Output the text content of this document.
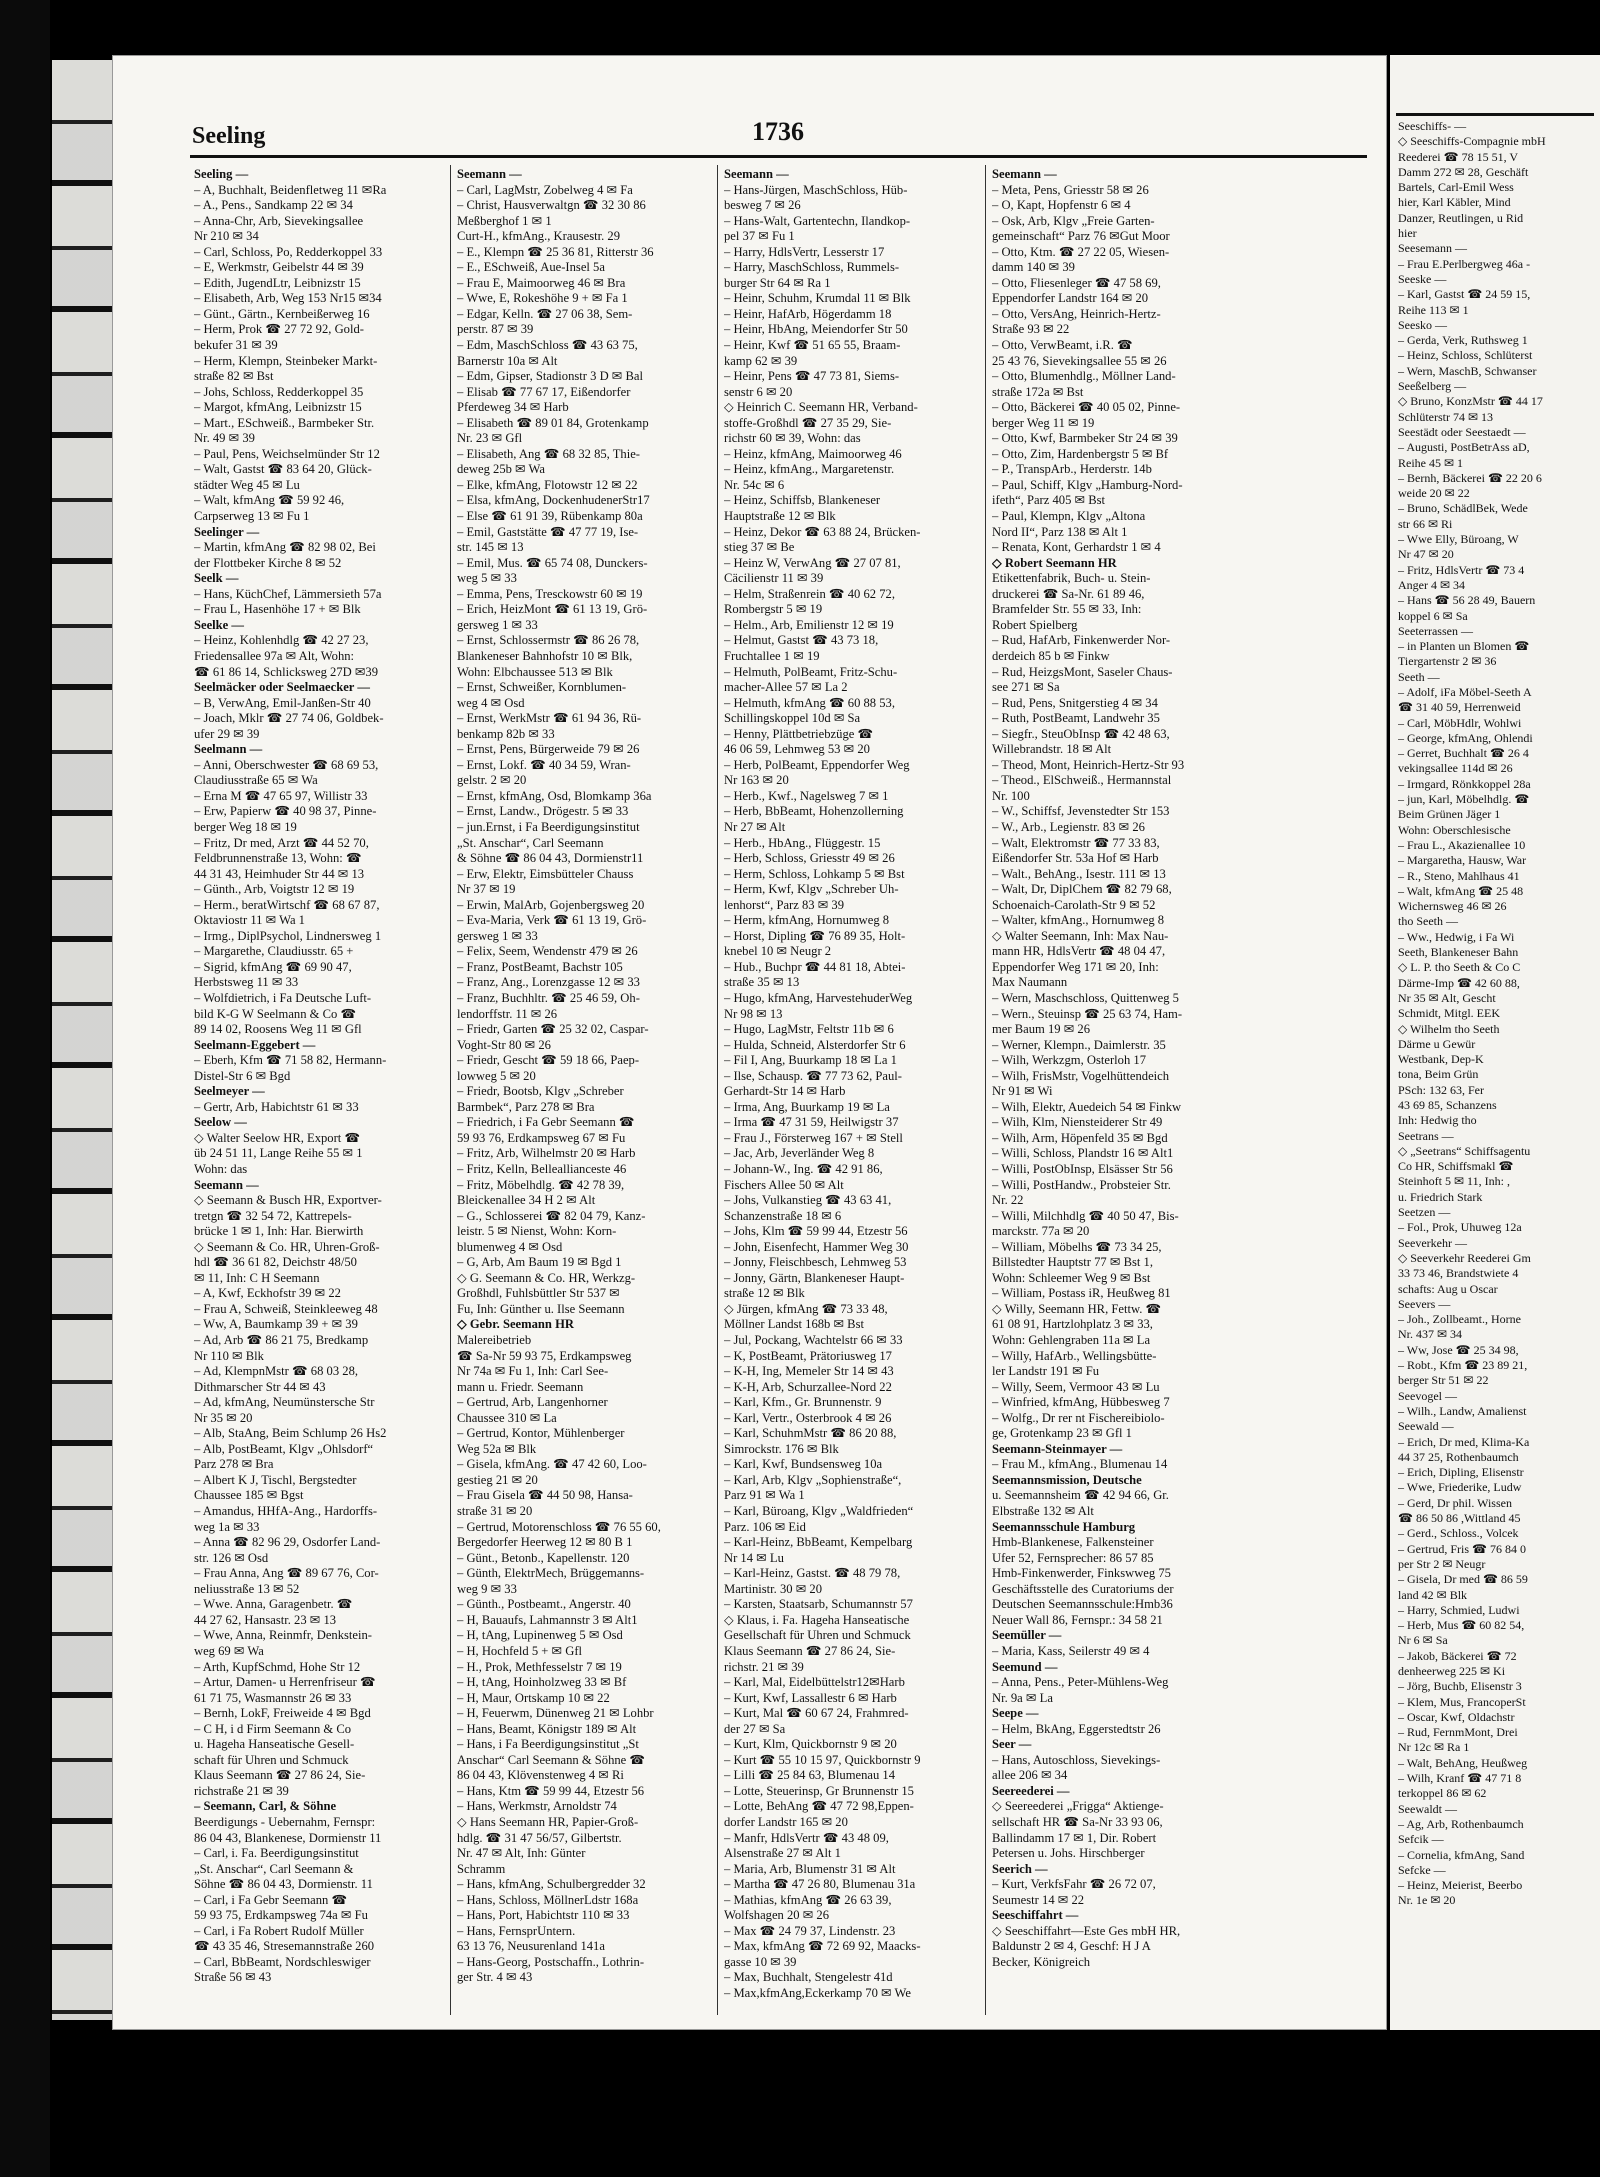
Seeling	1736
Seeling —
– A, Buchhalt, Beidenfletweg 11 ✉Ra
– A., Pens., Sandkamp 22 ✉ 34
– Anna-Chr, Arb, Sievekingsallee
Nr 210 ✉ 34
– Carl, Schloss, Po, Redderkoppel 33
– E, Werkmstr, Geibelstr 44 ✉ 39
– Edith, JugendLtr, Leibnizstr 15
– Elisabeth, Arb, Weg 153 Nr15 ✉34
– Günt., Gärtn., Kernbeißerweg 16
– Herm, Prok ☎ 27 72 92, Gold-
bekufer 31 ✉ 39
– Herm, Klempn, Steinbeker Markt-
straße 82 ✉ Bst
– Johs, Schloss, Redderkoppel 35
– Margot, kfmAng, Leibnizstr 15
– Mart., ESchweiß., Barmbeker Str.
Nr. 49 ✉ 39
– Paul, Pens, Weichselmünder Str 12
– Walt, Gastst ☎ 83 64 20, Glück-
städter Weg 45 ✉ Lu
– Walt, kfmAng ☎ 59 92 46,
Carpserweg 13 ✉ Fu 1
Seelinger —
– Martin, kfmAng ☎ 82 98 02, Bei
der Flottbeker Kirche 8 ✉ 52
Seelk —
– Hans, KüchChef, Lämmersieth 57a
– Frau L, Hasenhöhe 17 + ✉ Blk
Seelke —
– Heinz, Kohlenhdlg ☎ 42 27 23,
Friedensallee 97a ✉ Alt, Wohn:
☎ 61 86 14, Schlicksweg 27D ✉39
Seelmäcker oder Seelmaecker —
– B, VerwAng, Emil-Janßen-Str 40
– Joach, Mklr ☎ 27 74 06, Goldbek-
ufer 29 ✉ 39
Seelmann —
– Anni, Oberschwester ☎ 68 69 53,
Claudiusstraße 65 ✉ Wa
– Erna M ☎ 47 65 97, Willistr 33
– Erw, Papierw ☎ 40 98 37, Pinne-
berger Weg 18 ✉ 19
– Fritz, Dr med, Arzt ☎ 44 52 70,
Feldbrunnenstraße 13, Wohn: ☎
44 31 43, Heimhuder Str 44 ✉ 13
– Günth., Arb, Voigtstr 12 ✉ 19
– Herm., beratWirtschf ☎ 68 67 87,
Oktaviostr 11 ✉ Wa 1
– Irmg., DiplPsychol, Lindnersweg 1
– Margarethe, Claudiusstr. 65 +
– Sigrid, kfmAng ☎ 69 90 47,
Herbstsweg 11 ✉ 33
– Wolfdietrich, i Fa Deutsche Luft-
bild K-G W Seelmann & Co ☎
89 14 02, Roosens Weg 11 ✉ Gfl
Seelmann-Eggebert —
– Eberh, Kfm ☎ 71 58 82, Hermann-
Distel-Str 6 ✉ Bgd
Seelmeyer —
– Gertr, Arb, Habichtstr 61 ✉ 33
Seelow —
◇ Walter Seelow HR, Export ☎
üb 24 51 11, Lange Reihe 55 ✉ 1
Wohn: das
Seemann —
◇ Seemann & Busch HR, Exportver-
tretgn ☎ 32 54 72, Kattrepels-
brücke 1 ✉ 1, Inh: Har. Bierwirth
◇ Seemann & Co. HR, Uhren-Groß-
hdl ☎ 36 61 82, Deichstr 48/50
✉ 11, Inh: C H Seemann
– A, Kwf, Eckhofstr 39 ✉ 22
– Frau A, Schweiß, Steinkleeweg 48
– Ww, A, Baumkamp 39 + ✉ 39
– Ad, Arb ☎ 86 21 75, Bredkamp
Nr 110 ✉ Blk
– Ad, KlempnMstr ☎ 68 03 28,
Dithmarscher Str 44 ✉ 43
– Ad, kfmAng, Neumünstersche Str
Nr 35 ✉ 20
– Alb, StaAng, Beim Schlump 26 Hs2
– Alb, PostBeamt, Klgv „Ohlsdorf“
Parz 278 ✉ Bra
– Albert K J, Tischl, Bergstedter
Chaussee 185 ✉ Bgst
– Amandus, HHfA-Ang., Hardorffs-
weg 1a ✉ 33
– Anna ☎ 82 96 29, Osdorfer Land-
str. 126 ✉ Osd
– Frau Anna, Ang ☎ 89 67 76, Cor-
neliusstraße 13 ✉ 52
– Wwe. Anna, Garagenbetr. ☎
44 27 62, Hansastr. 23 ✉ 13
– Wwe, Anna, Reinmfr, Denkstein-
weg 69 ✉ Wa
– Arth, KupfSchmd, Hohe Str 12
– Artur, Damen- u Herrenfriseur ☎
61 71 75, Wasmannstr 26 ✉ 33
– Bernh, LokF, Freiweide 4 ✉ Bgd
– C H, i d Firm Seemann & Co
u. Hageha Hanseatische Gesell-
schaft für Uhren und Schmuck
Klaus Seemann ☎ 27 86 24, Sie-
richstraße 21 ✉ 39
– Seemann, Carl, & Söhne
Beerdigungs - Uebernahm, Fernspr:
86 04 43, Blankenese, Dormienstr 11
– Carl, i. Fa. Beerdigungsinstitut
„St. Anschar“, Carl Seemann &
Söhne ☎ 86 04 43, Dormienstr. 11
– Carl, i Fa Gebr Seemann ☎
59 93 75, Erdkampsweg 74a ✉ Fu
– Carl, i Fa Robert Rudolf Müller
☎ 43 35 46, Stresemannstraße 260
– Carl, BbBeamt, Nordschleswiger
Straße 56 ✉ 43
Seemann —
– Carl, LagMstr, Zobelweg 4 ✉ Fa
– Christ, Hausverwaltgn ☎ 32 30 86
Meßberghof 1 ✉ 1
Curt-H., kfmAng., Krausestr. 29
– E., Klempn ☎ 25 36 81, Ritterstr 36
– E., ESchweiß, Aue-Insel 5a
– Frau E, Maimoorweg 46 ✉ Bra
– Wwe, E, Rokeshöhe 9 + ✉ Fa 1
– Edgar, Kelln. ☎ 27 06 38, Sem-
perstr. 87 ✉ 39
– Edm, MaschSchloss ☎ 43 63 75,
Barnerstr 10a ✉ Alt
– Edm, Gipser, Stadionstr 3 D ✉ Bal
– Elisab ☎ 77 67 17, Eißendorfer
Pferdeweg 34 ✉ Harb
– Elisabeth ☎ 89 01 84, Grotenkamp
Nr. 23 ✉ Gfl
– Elisabeth, Ang ☎ 68 32 85, Thie-
deweg 25b ✉ Wa
– Elke, kfmAng, Flotowstr 12 ✉ 22
– Elsa, kfmAng, DockenhudenerStr17
– Else ☎ 61 91 39, Rübenkamp 80a
– Emil, Gaststätte ☎ 47 77 19, Ise-
str. 145 ✉ 13
– Emil, Mus. ☎ 65 74 08, Dunckers-
weg 5 ✉ 33
– Emma, Pens, Tresckowstr 60 ✉ 19
– Erich, HeizMont ☎ 61 13 19, Grö-
gersweg 1 ✉ 33
– Ernst, Schlossermstr ☎ 86 26 78,
Blankeneser Bahnhofstr 10 ✉ Blk,
Wohn: Elbchaussee 513 ✉ Blk
– Ernst, Schweißer, Kornblumen-
weg 4 ✉ Osd
– Ernst, WerkMstr ☎ 61 94 36, Rü-
benkamp 82b ✉ 33
– Ernst, Pens, Bürgerweide 79 ✉ 26
– Ernst, Lokf. ☎ 40 34 59, Wran-
gelstr. 2 ✉ 20
– Ernst, kfmAng, Osd, Blomkamp 36a
– Ernst, Landw., Drögestr. 5 ✉ 33
– jun.Ernst, i Fa Beerdigungsinstitut
„St. Anschar“, Carl Seemann
& Söhne ☎ 86 04 43, Dormienstr11
– Erw, Elektr, Eimsbütteler Chauss
Nr 37 ✉ 19
– Erwin, MalArb, Gojenbergsweg 20
– Eva-Maria, Verk ☎ 61 13 19, Grö-
gersweg 1 ✉ 33
– Felix, Seem, Wendenstr 479 ✉ 26
– Franz, PostBeamt, Bachstr 105
– Franz, Ang., Lorenzgasse 12 ✉ 33
– Franz, Buchhltr. ☎ 25 46 59, Oh-
lendorffstr. 11 ✉ 26
– Friedr, Garten ☎ 25 32 02, Caspar-
Voght-Str 80 ✉ 26
– Friedr, Gescht ☎ 59 18 66, Paep-
lowweg 5 ✉ 20
– Friedr, Bootsb, Klgv „Schreber
Barmbek“, Parz 278 ✉ Bra
– Friedrich, i Fa Gebr Seemann ☎
59 93 76, Erdkampsweg 67 ✉ Fu
– Fritz, Arb, Wilhelmstr 20 ✉ Harb
– Fritz, Kelln, Belleallianceste 46
– Fritz, Möbelhdlg. ☎ 42 78 39,
Bleickenallee 34 H 2 ✉ Alt
– G., Schlosserei ☎ 82 04 79, Kanz-
leistr. 5 ✉ Nienst, Wohn: Korn-
blumenweg 4 ✉ Osd
– G, Arb, Am Baum 19 ✉ Bgd 1
◇ G. Seemann & Co. HR, Werkzg-
Großhdl, Fuhlsbüttler Str 537 ✉
Fu, Inh: Günther u. Ilse Seemann
◇ Gebr. Seemann HR
Malereibetrieb
☎ Sa-Nr 59 93 75, Erdkampsweg
Nr 74a ✉ Fu 1, Inh: Carl See-
mann u. Friedr. Seemann
– Gertrud, Arb, Langenhorner
Chaussee 310 ✉ La
– Gertrud, Kontor, Mühlenberger
Weg 52a ✉ Blk
– Gisela, kfmAng. ☎ 47 42 60, Loo-
gestieg 21 ✉ 20
– Frau Gisela ☎ 44 50 98, Hansa-
straße 31 ✉ 20
– Gertrud, Motorenschloss ☎ 76 55 60,
Bergedorfer Heerweg 12 ✉ 80 B 1
– Günt., Betonb., Kapellenstr. 120
– Günth, ElektrMech, Brüggemanns-
weg 9 ✉ 33
– Günth., Postbeamt., Angerstr. 40
– H, Bauaufs, Lahmannstr 3 ✉ Alt1
– H, tAng, Lupinenweg 5 ✉ Osd
– H, Hochfeld 5 + ✉ Gfl
– H., Prok, Methfesselstr 7 ✉ 19
– H, tAng, Hoinholzweg 33 ✉ Bf
– H, Maur, Ortskamp 10 ✉ 22
– H, Feuerwm, Dünenweg 21 ✉ Lohbr
– Hans, Beamt, Königstr 189 ✉ Alt
– Hans, i Fa Beerdigungsinstitut „St
Anschar“ Carl Seemann & Söhne ☎
86 04 43, Klövenstenweg 4 ✉ Ri
– Hans, Ktm ☎ 59 99 44, Etzestr 56
– Hans, Werkmstr, Arnoldstr 74
◇ Hans Seemann HR, Papier-Groß-
hdlg. ☎ 31 47 56/57, Gilbertstr.
Nr. 47 ✉ Alt, Inh: Günter
Schramm
– Hans, kfmAng, Schulbergredder 32
– Hans, Schloss, MöllnerLdstr 168a
– Hans, Port, Habichtstr 110 ✉ 33
– Hans, FernsprUntern.
63 13 76, Neusurenland 141a
– Hans-Georg, Postschaffn., Lothrin-
ger Str. 4 ✉ 43
Seemann —
– Hans-Jürgen, MaschSchloss, Hüb-
besweg 7 ✉ 26
– Hans-Walt, Gartentechn, Ilandkop-
pel 37 ✉ Fu 1
– Harry, HdlsVertr, Lesserstr 17
– Harry, MaschSchloss, Rummels-
burger Str 64 ✉ Ra 1
– Heinr, Schuhm, Krumdal 11 ✉ Blk
– Heinr, HafArb, Högerdamm 18
– Heinr, HbAng, Meiendorfer Str 50
– Heinr, Kwf ☎ 51 65 55, Braam-
kamp 62 ✉ 39
– Heinr, Pens ☎ 47 73 81, Siems-
senstr 6 ✉ 20
◇ Heinrich C. Seemann HR, Verband-
stoffe-Großhdl ☎ 27 35 29, Sie-
richstr 60 ✉ 39, Wohn: das
– Heinz, kfmAng, Maimoorweg 46
– Heinz, kfmAng., Margaretenstr.
Nr. 54c ✉ 6
– Heinz, Schiffsb, Blankeneser
Hauptstraße 12 ✉ Blk
– Heinz, Dekor ☎ 63 88 24, Brücken-
stieg 37 ✉ Be
– Heinz W, VerwAng ☎ 27 07 81,
Cäcilienstr 11 ✉ 39
– Helm, Straßenrein ☎ 40 62 72,
Rombergstr 5 ✉ 19
– Helm., Arb, Emilienstr 12 ✉ 19
– Helmut, Gastst ☎ 43 73 18,
Fruchtallee 1 ✉ 19
– Helmuth, PolBeamt, Fritz-Schu-
macher-Allee 57 ✉ La 2
– Helmuth, kfmAng ☎ 60 88 53,
Schillingskoppel 10d ✉ Sa
– Henny, Plättbetriebzüge ☎
46 06 59, Lehmweg 53 ✉ 20
– Herb, PolBeamt, Eppendorfer Weg
Nr 163 ✉ 20
– Herb., Kwf., Nagelsweg 7 ✉ 1
– Herb, BbBeamt, Hohenzollerning
Nr 27 ✉ Alt
– Herb., HbAng., Flüggestr. 15
– Herb, Schloss, Griesstr 49 ✉ 26
– Herm, Schloss, Lohkamp 5 ✉ Bst
– Herm, Kwf, Klgv „Schreber Uh-
lenhorst“, Parz 83 ✉ 39
– Herm, kfmAng, Hornumweg 8
– Horst, Dipling ☎ 76 89 35, Holt-
knebel 10 ✉ Neugr 2
– Hub., Buchpr ☎ 44 81 18, Abtei-
straße 35 ✉ 13
– Hugo, kfmAng, HarvestehuderWeg
Nr 98 ✉ 13
– Hugo, LagMstr, Feltstr 11b ✉ 6
– Hulda, Schneid, Alsterdorfer Str 6
– Fil I, Ang, Buurkamp 18 ✉ La 1
– Ilse, Schausp. ☎ 77 73 62, Paul-
Gerhardt-Str 14 ✉ Harb
– Irma, Ang, Buurkamp 19 ✉ La
– Irma ☎ 47 31 59, Heilwigstr 37
– Frau J., Försterweg 167 + ✉ Stell
– Jac, Arb, Jeverländer Weg 8
– Johann-W., Ing. ☎ 42 91 86,
Fischers Allee 50 ✉ Alt
– Johs, Vulkanstieg ☎ 43 63 41,
Schanzenstraße 18 ✉ 6
– Johs, Klm ☎ 59 99 44, Etzestr 56
– John, Eisenfecht, Hammer Weg 30
– Jonny, Fleischbesch, Lehmweg 53
– Jonny, Gärtn, Blankeneser Haupt-
straße 12 ✉ Blk
◇ Jürgen, kfmAng ☎ 73 33 48,
Möllner Landst 168b ✉ Bst
– Jul, Pockang, Wachtelstr 66 ✉ 33
– K, PostBeamt, Prätoriusweg 17
– K-H, Ing, Memeler Str 14 ✉ 43
– K-H, Arb, Schurzallee-Nord 22
– Karl, Kfm., Gr. Brunnenstr. 9
– Karl, Vertr., Osterbrook 4 ✉ 26
– Karl, SchuhmMstr ☎ 86 20 88,
Simrockstr. 176 ✉ Blk
– Karl, Kwf, Bundsensweg 10a
– Karl, Arb, Klgv „Sophienstraße“,
Parz 91 ✉ Wa 1
– Karl, Büroang, Klgv „Waldfrieden“
Parz. 106 ✉ Eid
– Karl-Heinz, BbBeamt, Kempelbarg
Nr 14 ✉ Lu
– Karl-Heinz, Gastst. ☎ 48 79 78,
Martinistr. 30 ✉ 20
– Karsten, Staatsarb, Schumannstr 57
◇ Klaus, i. Fa. Hageha Hanseatische
Gesellschaft für Uhren und Schmuck
Klaus Seemann ☎ 27 86 24, Sie-
richstr. 21 ✉ 39
– Karl, Mal, Eidelbüttelstr12✉Harb
– Kurt, Kwf, Lassallestr 6 ✉ Harb
– Kurt, Mal ☎ 60 67 24, Frahmred-
der 27 ✉ Sa
– Kurt, Klm, Quickbornstr 9 ✉ 20
– Kurt ☎ 55 10 15 97, Quickbornstr 9
– Lilli ☎ 25 84 63, Blumenau 14
– Lotte, Steuerinsp, Gr Brunnenstr 15
– Lotte, BehAng ☎ 47 72 98,Eppen-
dorfer Landstr 165 ✉ 20
– Manfr, HdlsVertr ☎ 43 48 09,
Alsenstraße 27 ✉ Alt 1
– Maria, Arb, Blumenstr 31 ✉ Alt
– Martha ☎ 47 26 80, Blumenau 31a
– Mathias, kfmAng ☎ 26 63 39,
Wolfshagen 20 ✉ 26
– Max ☎ 24 79 37, Lindenstr. 23
– Max, kfmAng ☎ 72 69 92, Maacks-
gasse 10 ✉ 39
– Max, Buchhalt, Stengelestr 41d
– Max,kfmAng,Eckerkamp 70 ✉ We
Seemann —
– Meta, Pens, Griesstr 58 ✉ 26
– O, Kapt, Hopfenstr 6 ✉ 4
– Osk, Arb, Klgv „Freie Garten-
gemeinschaft“ Parz 76 ✉Gut Moor
– Otto, Ktm. ☎ 27 22 05, Wiesen-
damm 140 ✉ 39
– Otto, Fliesenleger ☎ 47 58 69,
Eppendorfer Landstr 164 ✉ 20
– Otto, VersAng, Heinrich-Hertz-
Straße 93 ✉ 22
– Otto, VerwBeamt, i.R. ☎
25 43 76, Sievekingsallee 55 ✉ 26
– Otto, Blumenhdlg., Möllner Land-
straße 172a ✉ Bst
– Otto, Bäckerei ☎ 40 05 02, Pinne-
berger Weg 11 ✉ 19
– Otto, Kwf, Barmbeker Str 24 ✉ 39
– Otto, Zim, Hardenbergstr 5 ✉ Bf
– P., TranspArb., Herderstr. 14b
– Paul, Schiff, Klgv „Hamburg-Nord-
ifeth“, Parz 405 ✉ Bst
– Paul, Klempn, Klgv „Altona
Nord II“, Parz 138 ✉ Alt 1
– Renata, Kont, Gerhardstr 1 ✉ 4
◇ Robert Seemann HR
Etikettenfabrik, Buch- u. Stein-
druckerei ☎ Sa-Nr. 61 89 46,
Bramfelder Str. 55 ✉ 33, Inh:
Robert Spielberg
– Rud, HafArb, Finkenwerder Nor-
derdeich 85 b ✉ Finkw
– Rud, HeizgsMont, Saseler Chaus-
see 271 ✉ Sa
– Rud, Pens, Snitgerstieg 4 ✉ 34
– Ruth, PostBeamt, Landwehr 35
– Siegfr., SteuObInsp ☎ 42 48 63,
Willebrandstr. 18 ✉ Alt
– Theod, Mont, Heinrich-Hertz-Str 93
– Theod., ElSchweiß., Hermannstal
Nr. 100
– W., Schiffsf, Jevenstedter Str 153
– W., Arb., Legienstr. 83 ✉ 26
– Walt, Elektromstr ☎ 77 33 83,
Eißendorfer Str. 53a Hof ✉ Harb
– Walt., BehAng., Isestr. 111 ✉ 13
– Walt, Dr, DiplChem ☎ 82 79 68,
Schoenaich-Carolath-Str 9 ✉ 52
– Walter, kfmAng., Hornumweg 8
◇ Walter Seemann, Inh: Max Nau-
mann HR, HdlsVertr ☎ 48 04 47,
Eppendorfer Weg 171 ✉ 20, Inh:
Max Naumann
– Wern, Maschschloss, Quittenweg 5
– Wern., Steuinsp ☎ 25 63 74, Ham-
mer Baum 19 ✉ 26
– Werner, Klempn., Daimlerstr. 35
– Wilh, Werkzgm, Osterloh 17
– Wilh, FrisMstr, Vogelhüttendeich
Nr 91 ✉ Wi
– Wilh, Elektr, Auedeich 54 ✉ Finkw
– Wilh, Klm, Niensteiderer Str 49
– Wilh, Arm, Höpenfeld 35 ✉ Bgd
– Willi, Schloss, Plandstr 16 ✉ Alt1
– Willi, PostObInsp, Elsässer Str 56
– Willi, PostHandw., Probsteier Str.
Nr. 22
– Willi, Milchhdlg ☎ 40 50 47, Bis-
marckstr. 77a ✉ 20
– William, Möbelhs ☎ 73 34 25,
Billstedter Hauptstr 77 ✉ Bst 1,
Wohn: Schleemer Weg 9 ✉ Bst
– William, Postass iR, Heußweg 81
◇ Willy, Seemann HR, Fettw. ☎
61 08 91, Hartzlohplatz 3 ✉ 33,
Wohn: Gehlengraben 11a ✉ La
– Willy, HafArb., Wellingsbütte-
ler Landstr 191 ✉ Fu
– Willy, Seem, Vermoor 43 ✉ Lu
– Winfried, kfmAng, Hübbesweg 7
– Wolfg., Dr rer nt Fischereibiolo-
ge, Grotenkamp 23 ✉ Gfl 1
Seemann-Steinmayer —
– Frau M., kfmAng., Blumenau 14
Seemannsmission, Deutsche
u. Seemannsheim ☎ 42 94 66, Gr.
Elbstraße 132 ✉ Alt
Seemannsschule Hamburg
Hmb-Blankenese, Falkensteiner
Ufer 52, Fernsprecher: 86 57 85
Hmb-Finkenwerder, Finkswweg 75
Geschäftsstelle des Curatoriums der
Deutschen Seemannsschule:Hmb36
Neuer Wall 86, Fernspr.: 34 58 21
Seemüller —
– Maria, Kass, Seilerstr 49 ✉ 4
Seemund —
– Anna, Pens., Peter-Mühlens-Weg
Nr. 9a ✉ La
Seepe —
– Helm, BkAng, Eggerstedtstr 26
Seer —
– Hans, Autoschloss, Sievekings-
allee 206 ✉ 34
Seereederei —
◇ Seereederei „Frigga“ Aktienge-
sellschaft HR ☎ Sa-Nr 33 93 06,
Ballindamm 17 ✉ 1, Dir. Robert
Petersen u. Johs. Hirschberger
Seerich —
– Kurt, VerkfsFahr ☎ 26 72 07,
Seumestr 14 ✉ 22
Seeschiffahrt —
◇ Seeschiffahrt—Este Ges mbH HR,
Baldunstr 2 ✉ 4, Geschf: H J A
Becker, Königreich
Seeschiffs- —
◇ Seeschiffs-Compagnie mbH
Reederei ☎ 78 15 51, V
Damm 272 ✉ 28, Geschäft
Bartels, Carl-Emil Wess
hier, Karl Käbler, Mind
Danzer, Reutlingen, u Rid
hier
Seesemann —
– Frau E.Perlbergweg 46a -
Seeske —
– Karl, Gastst ☎ 24 59 15,
Reihe 113 ✉ 1
Seesko —
– Gerda, Verk, Ruthsweg 1
– Heinz, Schloss, Schlüterst
– Wern, MaschB, Schwanser
Seeßelberg —
◇ Bruno, KonzMstr ☎ 44 17
Schlüterstr 74 ✉ 13
Seestädt oder Seestaedt —
– Augusti, PostBetrAss aD,
Reihe 45 ✉ 1
– Bernh, Bäckerei ☎ 22 20 6
weide 20 ✉ 22
– Bruno, SchädlBek, Wede
str 66 ✉ Ri
– Wwe Elly, Büroang, W
Nr 47 ✉ 20
– Fritz, HdlsVertr ☎ 73 4
Anger 4 ✉ 34
– Hans ☎ 56 28 49, Bauern
koppel 6 ✉ Sa
Seeterrassen —
– in Planten un Blomen ☎
Tiergartenstr 2 ✉ 36
Seeth —
– Adolf, iFa Möbel-Seeth A
☎ 31 40 59, Herrenweid
– Carl, MöbHdlr, Wohlwi
– George, kfmAng, Ohlendi
– Gerret, Buchhalt ☎ 26 4
vekingsallee 114d ✉ 26
– Irmgard, Rönkkoppel 28a
– jun, Karl, Möbelhdlg. ☎
Beim Grünen Jäger 1
Wohn: Oberschlesische
– Frau L., Akazienallee 10
– Margaretha, Hausw, War
– R., Steno, Mahlhaus 41
– Walt, kfmAng ☎ 25 48
Wichernsweg 46 ✉ 26
tho Seeth —
– Ww., Hedwig, i Fa Wi
Seeth, Blankeneser Bahn
◇ L. P. tho Seeth & Co C
Därme-Imp ☎ 42 60 88,
Nr 35 ✉ Alt, Gescht
Schmidt, Mitgl. EEK
◇ Wilhelm tho Seeth
Därme u Gewür
Westbank, Dep-K
tona, Beim Grün
PSch: 132 63, Fer
43 69 85, Schanzens
Inh: Hedwig tho
Seetrans —
◇ „Seetrans“ Schiffsagentu
Co HR, Schiffsmakl ☎
Steinhoft 5 ✉ 11, Inh: ,
u. Friedrich Stark
Seetzen —
– Fol., Prok, Uhuweg 12a
Seeverkehr —
◇ Seeverkehr Reederei Gm
33 73 46, Brandstwiete 4
schafts: Aug u Oscar
Seevers —
– Joh., Zollbeamt., Horne
Nr. 437 ✉ 34
– Ww, Jose ☎ 25 34 98,
– Robt., Kfm ☎ 23 89 21,
berger Str 51 ✉ 22
Seevogel —
– Wilh., Landw, Amalienst
Seewald —
– Erich, Dr med, Klima-Ka
44 37 25, Rothenbaumch
– Erich, Dipling, Elisenstr
– Wwe, Friederike, Ludw
– Gerd, Dr phil. Wissen
☎ 86 50 86 ,Wittland 45
– Gerd., Schloss., Volcek
– Gertrud, Fris ☎ 76 84 0
per Str 2 ✉ Neugr
– Gisela, Dr med ☎ 86 59
land 42 ✉ Blk
– Harry, Schmied, Ludwi
– Herb, Mus ☎ 60 82 54,
Nr 6 ✉ Sa
– Jakob, Bäckerei ☎ 72
denheerweg 225 ✉ Ki
– Jörg, Buchb, Elisenstr 3
– Klem, Mus, FrancoperSt
– Oscar, Kwf, Oldachstr
– Rud, FernmMont, Drei
Nr 12c ✉ Ra 1
– Walt, BehAng, Heußweg
– Wilh, Kranf ☎ 47 71 8
terkoppel 86 ✉ 62
Seewaldt —
– Ag, Arb, Rothenbaumch
Sefcik —
– Cornelia, kfmAng, Sand
Sefcke —
– Heinz, Meierist, Beerbo
Nr. 1e ✉ 20
